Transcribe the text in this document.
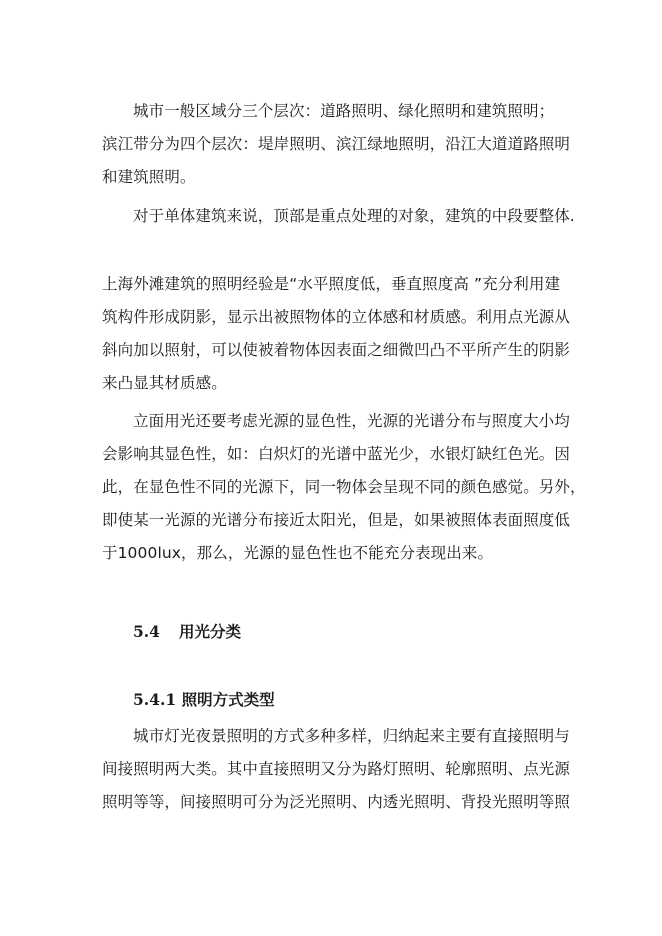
城市一般区域分三个层次：道路照明、绿化照明和建筑照明；
滨江带分为四个层次：堤岸照明、滨江绿地照明，沿江大道道路照明
和建筑照明。
对于单体建筑来说，顶部是重点处理的对象，建筑的中段要整体.
上海外滩建筑的照明经验是“水平照度低，垂直照度高 ”充分利用建
筑构件形成阴影，显示出被照物体的立体感和材质感。利用点光源从
斜向加以照射，可以使被着物体因表面之细微凹凸不平所产生的阴影
来凸显其材质感。
立面用光还要考虑光源的显色性，光源的光谱分布与照度大小均
会影响其显色性，如：白炽灯的光谱中蓝光少，水银灯缺红色光。因
此，在显色性不同的光源下，同一物体会呈现不同的颜色感觉。另外，
即使某一光源的光谱分布接近太阳光，但是，如果被照体表面照度低
于1000lux，那么，光源的显色性也不能充分表现出来。
5.4 用光分类
5.4.1 照明方式类型
城市灯光夜景照明的方式多种多样，归纳起来主要有直接照明与
间接照明两大类。其中直接照明又分为路灯照明、轮廓照明、点光源
照明等等，间接照明可分为泛光照明、内透光照明、背投光照明等照
